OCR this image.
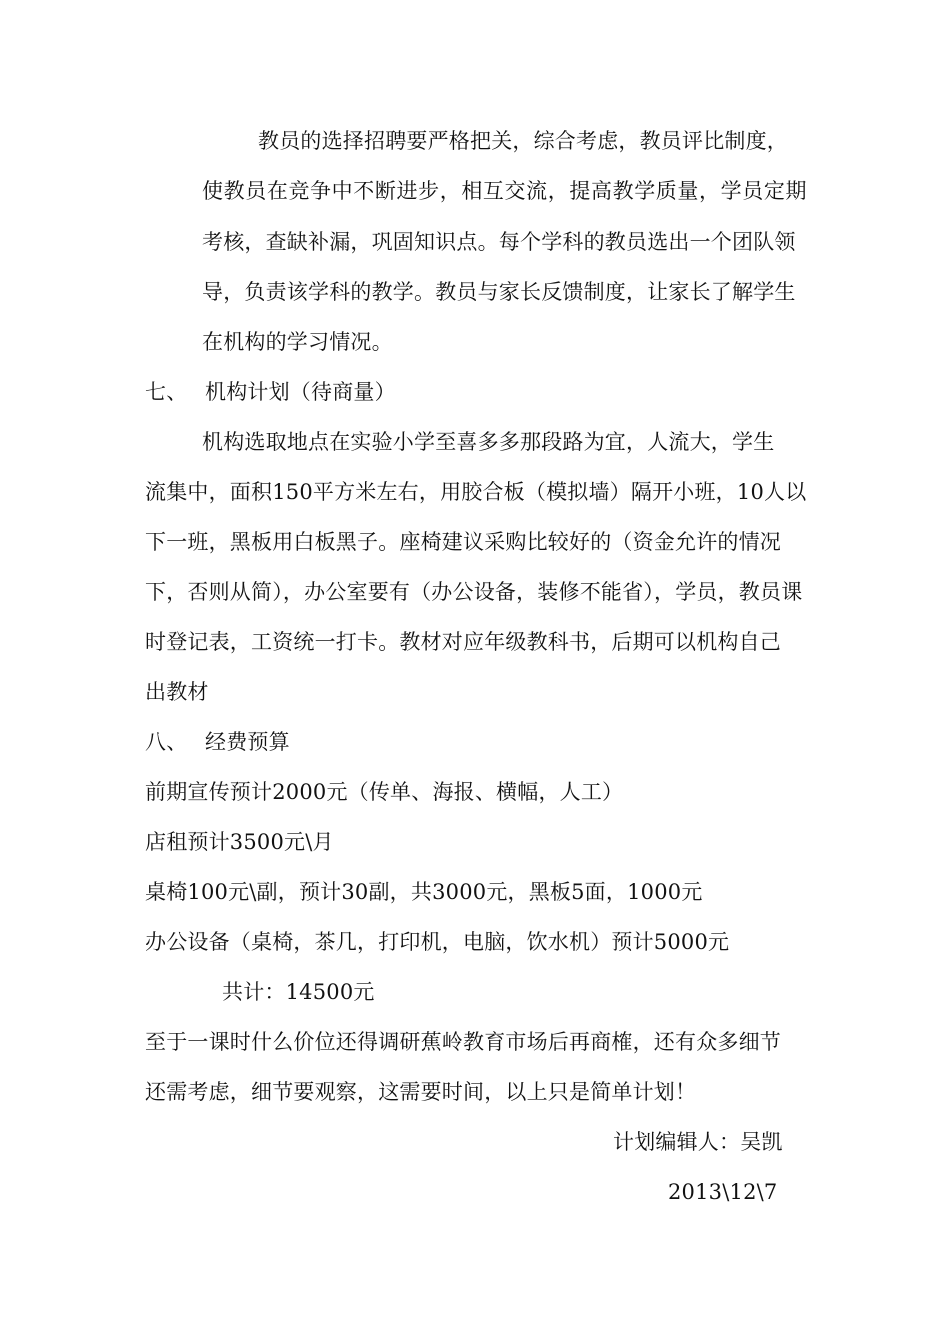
教员的选择招聘要严格把关，综合考虑，教员评比制度，
使 教 员 在 竞 争 中 不 断 进 步 ， 相 互 交 流 ， 提 高 教 学 质 量 ， 学 员 定 期
考核，查缺补漏，巩固知识点。每个学科的教员选出一个团队领
导，负责该学科的教学。教员与家长反馈制度，让家长了解学生
在机构的学习情况。
七、 机构计划（待商量）
机构选取地点在实验小学至喜多多那段路为宜，人流大，学生
流集中，面积150平方米左右，用胶合板（模拟墙）隔开小班，10人以
下一班，黑板用白板黑子。座椅建议采购比较好的（资金允许的情况
下，否则从简），办公室要有（办公设备，装修不能省），学员，教员课
时登记表，工资统一打卡。教材对应年级教科书，后期可以机构自己
出教材
八、 经费预算
前期宣传预计2000元（传单、海报、横幅，人工）
店租预计3500元\月
桌椅100元\副，预计30副，共3000元，黑板5面，1000元
办公设备（桌椅，茶几，打印机，电脑，饮水机）预计5000元
共计：14500元
至于一课时什么价位还得调研蕉岭教育市场后再商榷，还有众多细节
还需考虑，细节要观察，这需要时间，以上只是简单计划！
计划编辑人：吴凯
2013\12\7
